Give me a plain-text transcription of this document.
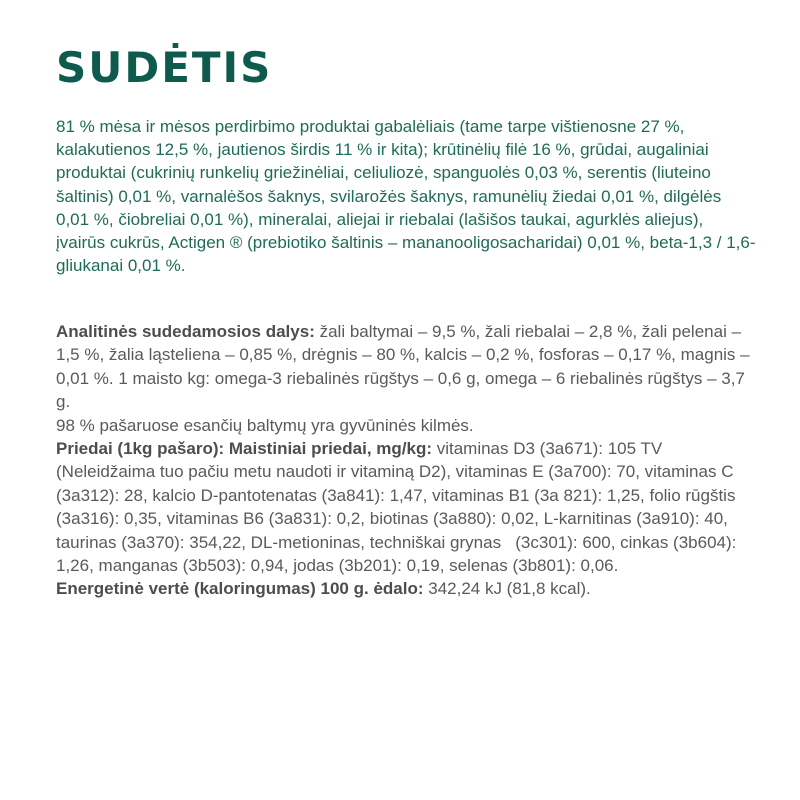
SUDĖTIS

81 % mėsa ir mėsos perdirbimo produktai gabalėliais (tame tarpe vištienosne 27 %, kalakutienos 12,5 %, jautienos širdis 11 % ir kita); krūtinėlių filė 16 %, grūdai, augaliniai produktai (cukrinių runkelių griežinėliai, celiuliozė, spanguolės 0,03 %, serentis (liuteino šaltinis) 0,01 %, varnalėšos šaknys, svilarožės šaknys, ramunėlių žiedai 0,01 %, dilgėlės 0,01 %, čiobreliai 0,01 %), mineralai, aliejai ir riebalai (lašišos taukai, agurklės aliejus), įvairūs cukrūs, Actigen ® (prebiotiko šaltinis – mananooligosacharidai) 0,01 %, beta-1,3 / 1,6-gliukanai 0,01 %.

Analitinės sudedamosios dalys: žali baltymai – 9,5 %, žali riebalai – 2,8 %, žali pelenai – 1,5 %, žalia ląsteliena – 0,85 %, drėgnis – 80 %, kalcis – 0,2 %, fosforas – 0,17 %, magnis – 0,01 %. 1 maisto kg: omega-3 riebalinės rūgštys – 0,6 g, omega – 6 riebalinės rūgštys – 3,7 g.

98 % pašaruose esančių baltymų yra gyvūninės kilmės.

Priedai (1kg pašaro): Maistiniai priedai, mg/kg: vitaminas D3 (3a671): 105 TV (Neleidžaima tuo pačiu metu naudoti ir vitaminą D2), vitaminas E (3a700): 70, vitaminas C (3a312): 28, kalcio D-pantotenatas (3a841): 1,47, vitaminas B1 (3a 821): 1,25, folio rūgštis (3a316): 0,35, vitaminas B6 (3a831): 0,2, biotinas (3a880): 0,02, L-karnitinas (3a910): 40, taurinas (3a370): 354,22, DL-metioninas, techniškai grynas   (3c301): 600, cinkas (3b604): 1,26, manganas (3b503): 0,94, jodas (3b201): 0,19, selenas (3b801): 0,06.

Energetinė vertė (kaloringumas) 100 g. ėdalo: 342,24 kJ (81,8 kcal).
